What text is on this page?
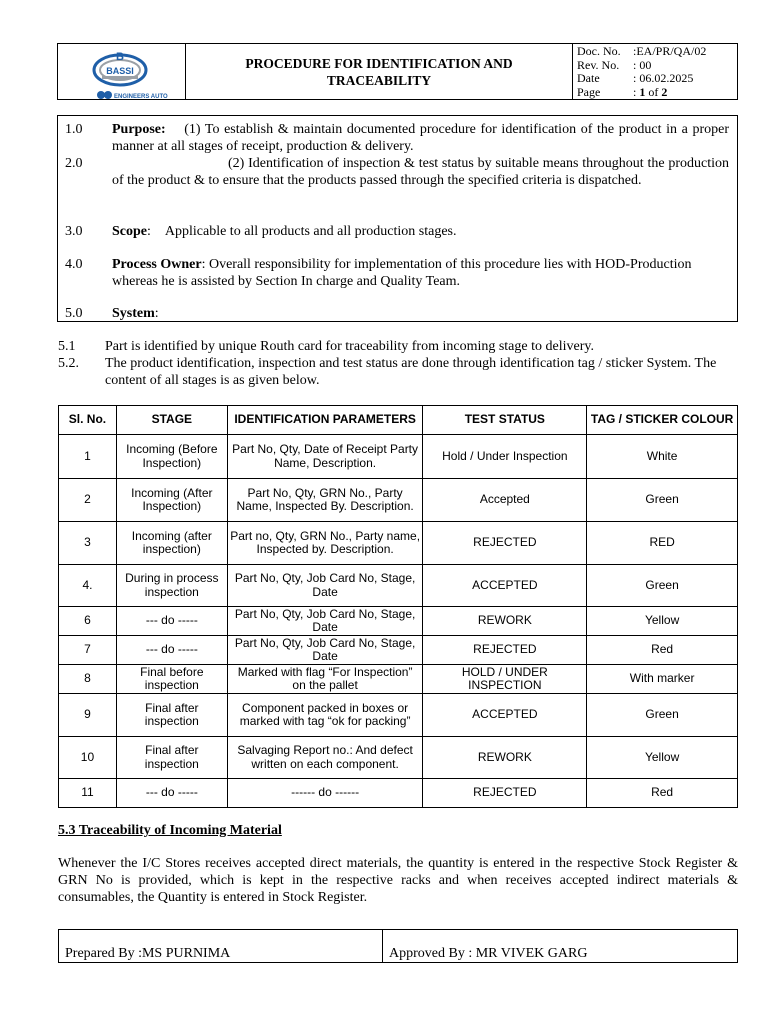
B
BASSI
ENGINEERS AUTO
PROCEDURE FOR IDENTIFICATION AND
TRACEABILITY
Doc. No.	:EA/PR/QA/02
Rev. No.	: 00
Date	: 06.02.2025
Page	: 1 of 2
1.0 Purpose: (1) To establish & maintain documented procedure for identification of the product in a proper manner at all stages of receipt, production & delivery.
2.0	(2) Identification of inspection & test status by suitable means throughout the production of the product & to ensure that the products passed through the specified criteria is dispatched.
3.0 Scope: Applicable to all products and all production stages.
4.0 Process Owner: Overall responsibility for implementation of this procedure lies with HOD-Production whereas he is assisted by Section In charge and Quality Team.
5.0 System:
5.1 Part is identified by unique Routh card for traceability from incoming stage to delivery.
5.2. The product identification, inspection and test status are done through identification tag / sticker System. The content of all stages is as given below.
Sl. No.	STAGE	IDENTIFICATION PARAMETERS	TEST STATUS	TAG / STICKER COLOUR
1	Incoming (Before Inspection)	Part No, Qty, Date of Receipt Party Name, Description.	Hold / Under Inspection	White
2	Incoming (After Inspection)	Part No, Qty, GRN No., Party Name, Inspected By. Description.	Accepted	Green
3	Incoming (after inspection)	Part no, Qty, GRN No., Party name, Inspected by. Description.	REJECTED	RED
4.	During in process inspection	Part No, Qty, Job Card No, Stage, Date	ACCEPTED	Green
6	--- do -----	Part No, Qty, Job Card No, Stage, Date	REWORK	Yellow
7	--- do -----	Part No, Qty, Job Card No, Stage, Date	REJECTED	Red
8	Final before inspection	Marked with flag “For Inspection” on the pallet	HOLD / UNDER INSPECTION	With marker
9	Final after inspection	Component packed in boxes or marked with tag “ok for packing”	ACCEPTED	Green
10	Final after inspection	Salvaging Report no.: And defect written on each component.	REWORK	Yellow
11	--- do -----	------ do ------	REJECTED	Red
5.3 Traceability of Incoming Material
Whenever the I/C Stores receives accepted direct materials, the quantity is entered in the respective Stock Register & GRN No is provided, which is kept in the respective racks and when receives accepted indirect materials & consumables, the Quantity is entered in Stock Register.
Prepared By :MS PURNIMA	Approved By : MR VIVEK GARG
